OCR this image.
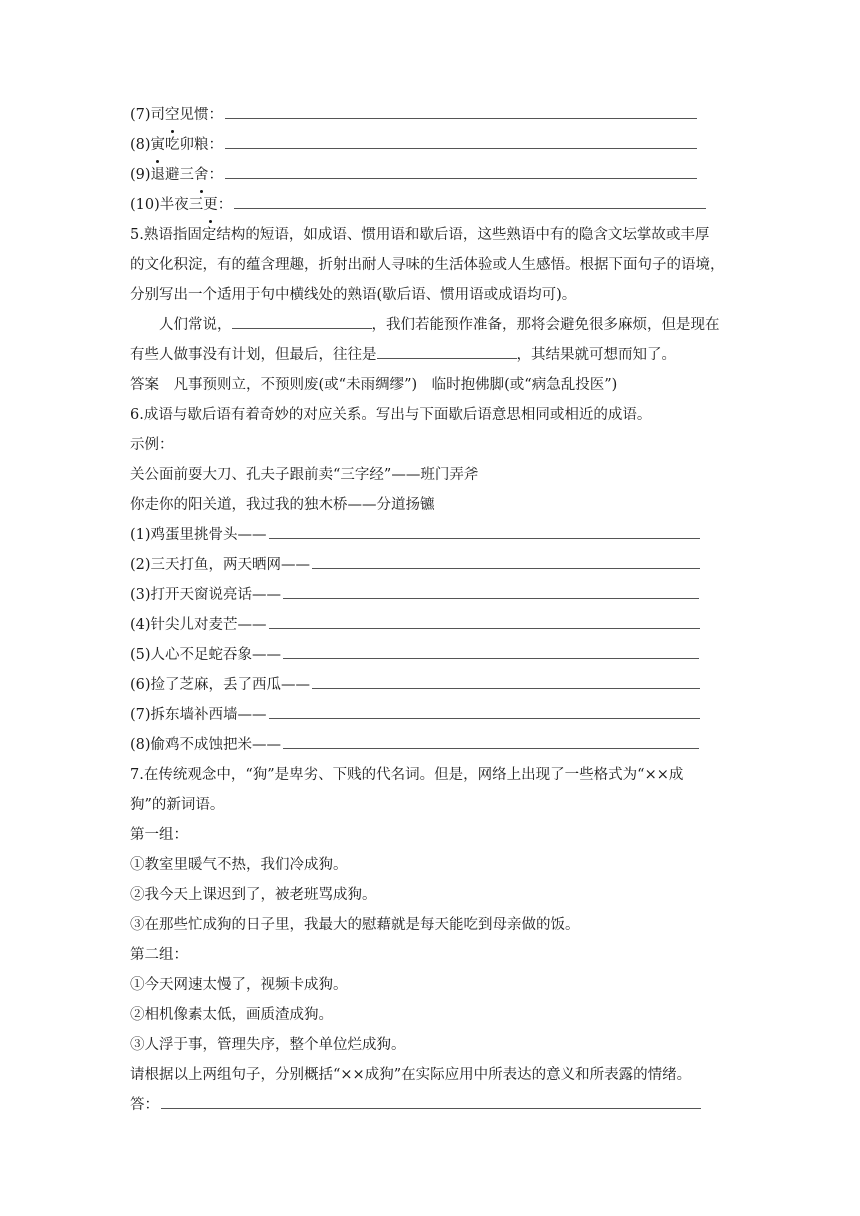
(7) 司 空 见惯：
(8) 寅 吃卯粮：
(9) 退避三 舍 ：
(10) 半夜三 更 ：
5.熟语指固定结构的短语，如成语、惯用语和歇后语，这些熟语中有的隐含文坛掌故或丰厚
的文化积淀，有的蕴含理趣，折射出耐人寻味的生活体验或人生感悟。根据下面句子的语境，
分别写出一个适用于句中横线处的熟语(歇后语、惯用语或成语均可)。
人们常说，	，我们若能预作准备，那将会避免很多麻烦，但是现在
有些人做事没有计划，但最后，往往是	，其结果就可想而知了。
答案　凡事预则立，不预则废(或“未雨绸缪”)　临时抱佛脚(或“病急乱投医”)
6.成语与歇后语有着奇妙的对应关系。写出与下面歇后语意思相同或相近的成语。
示例：
关公面前耍大刀、孔夫子跟前卖“三字经”——班门弄斧
你走你的阳关道，我过我的独木桥——分道扬镳
(1)鸡蛋里挑骨头——
(2)三天打鱼，两天晒网——
(3)打开天窗说亮话——
(4)针尖儿对麦芒——
(5)人心不足蛇吞象——
(6)捡了芝麻，丢了西瓜——
(7)拆东墙补西墙——
(8)偷鸡不成蚀把米——
7.在传统观念中，“狗”是卑劣、下贱的代名词。但是，网络上出现了一些格式为“××成
狗”的新词语。
第一组：
①教室里暖气不热，我们冷成狗。
②我今天上课迟到了，被老班骂成狗。
③在那些忙成狗的日子里，我最大的慰藉就是每天能吃到母亲做的饭。
第二组：
①今天网速太慢了，视频卡成狗。
②相机像素太低，画质渣成狗。
③人浮于事，管理失序，整个单位烂成狗。
请根据以上两组句子，分别概括“××成狗”在实际应用中所表达的意义和所表露的情绪。
答：
